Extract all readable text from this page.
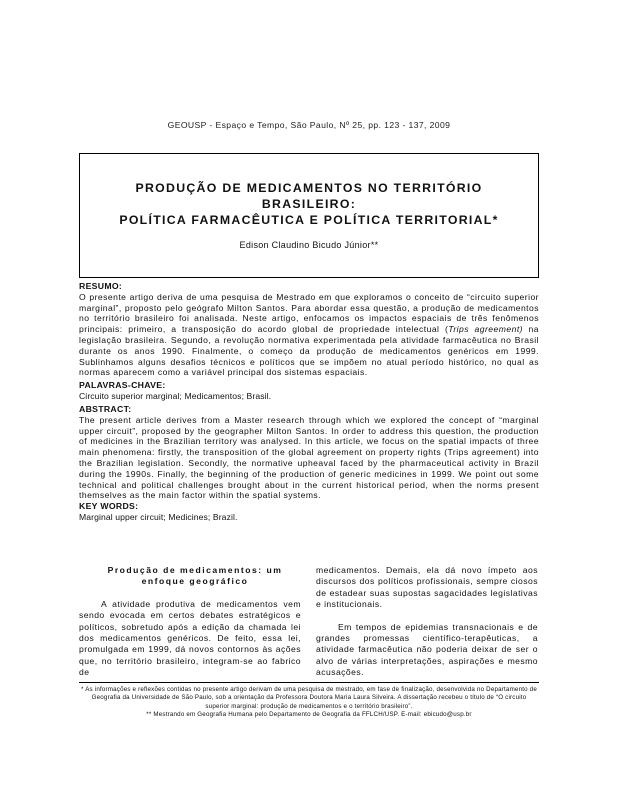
GEOUSP - Espaço e Tempo, São Paulo, Nº 25, pp. 123 - 137, 2009
PRODUÇÃO DE MEDICAMENTOS NO TERRITÓRIO BRASILEIRO:
POLÍTICA FARMACÊUTICA E POLÍTICA TERRITORIAL*
Edison Claudino Bicudo Júnior**
RESUMO:
O presente artigo deriva de uma pesquisa de Mestrado em que exploramos o conceito de “circuito superior marginal”, proposto pelo geógrafo Milton Santos. Para abordar essa questão, a produção de medicamentos no território brasileiro foi analisada. Neste artigo, enfocamos os impactos espaciais de três fenômenos principais: primeiro, a transposição do acordo global de propriedade intelectual (Trips agreement) na legislação brasileira. Segundo, a revolução normativa experimentada pela atividade farmacêutica no Brasil durante os anos 1990. Finalmente, o começo da produção de medicamentos genéricos em 1999. Sublinhamos alguns desafios técnicos e políticos que se impõem no atual período histórico, no qual as normas aparecem como a variável principal dos sistemas espaciais.
PALAVRAS-CHAVE:
Circuito superior marginal; Medicamentos; Brasil.
ABSTRACT:
The present article derives from a Master research through which we explored the concept of “marginal upper circuit”, proposed by the geographer Milton Santos. In order to address this question, the production of medicines in the Brazilian territory was analysed. In this article, we focus on the spatial impacts of three main phenomena: firstly, the transposition of the global agreement on property rights (Trips agreement) into the Brazilian legislation. Secondly, the normative upheaval faced by the pharmaceutical activity in Brazil during the 1990s. Finally, the beginning of the production of generic medicines in 1999. We point out some technical and political challenges brought about in the current historical period, when the norms present themselves as the main factor within the spatial systems.
KEY WORDS:
Marginal upper circuit; Medicines; Brazil.
Produção de medicamentos: um enfoque geográfico

A atividade produtiva de medicamentos vem sendo evocada em certos debates estratégicos e políticos, sobretudo após a edição da chamada lei dos medicamentos genéricos. De feito, essa lei, promulgada em 1999, dá novos contornos às ações que, no território brasileiro, integram-se ao fabrico de

medicamentos. Demais, ela dá novo ímpeto aos discursos dos políticos profissionais, sempre ciosos de estadear suas supostas sagacidades legislativas e institucionais.

Em tempos de epidemias transnacionais e de grandes promessas científico-terapêuticas, a atividade farmacêutica não poderia deixar de ser o alvo de várias interpretações, aspirações e mesmo acusações.

* As informações e reflexões contidas no presente artigo derivam de uma pesquisa de mestrado, em fase de finalização, desenvolvida no Departamento de Geografia da Universidade de São Paulo, sob a orientação da Professora Doutora Maria Laura Silveira. A dissertação recebeu o título de “O circuito superior marginal: produção de medicamentos e o território brasileiro”.
** Mestrando em Geografia Humana pelo Departamento de Geografia da FFLCH/USP. E-mail: ebicudo@usp.br
